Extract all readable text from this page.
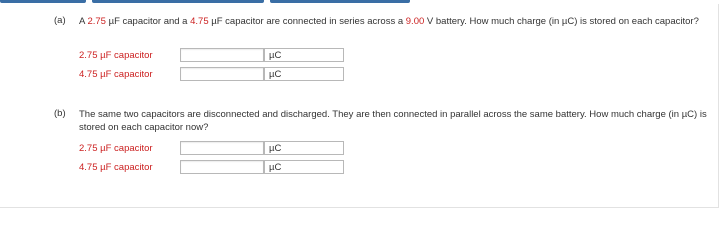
(a) A 2.75 µF capacitor and a 4.75 µF capacitor are connected in series across a 9.00 V battery. How much charge (in µC) is stored on each capacitor?
2.75 µF capacitor	µC
4.75 µF capacitor	µC
(b) The same two capacitors are disconnected and discharged. They are then connected in parallel across the same battery. How much charge (in µC) is stored on each capacitor now?
2.75 µF capacitor	µC
4.75 µF capacitor	µC
